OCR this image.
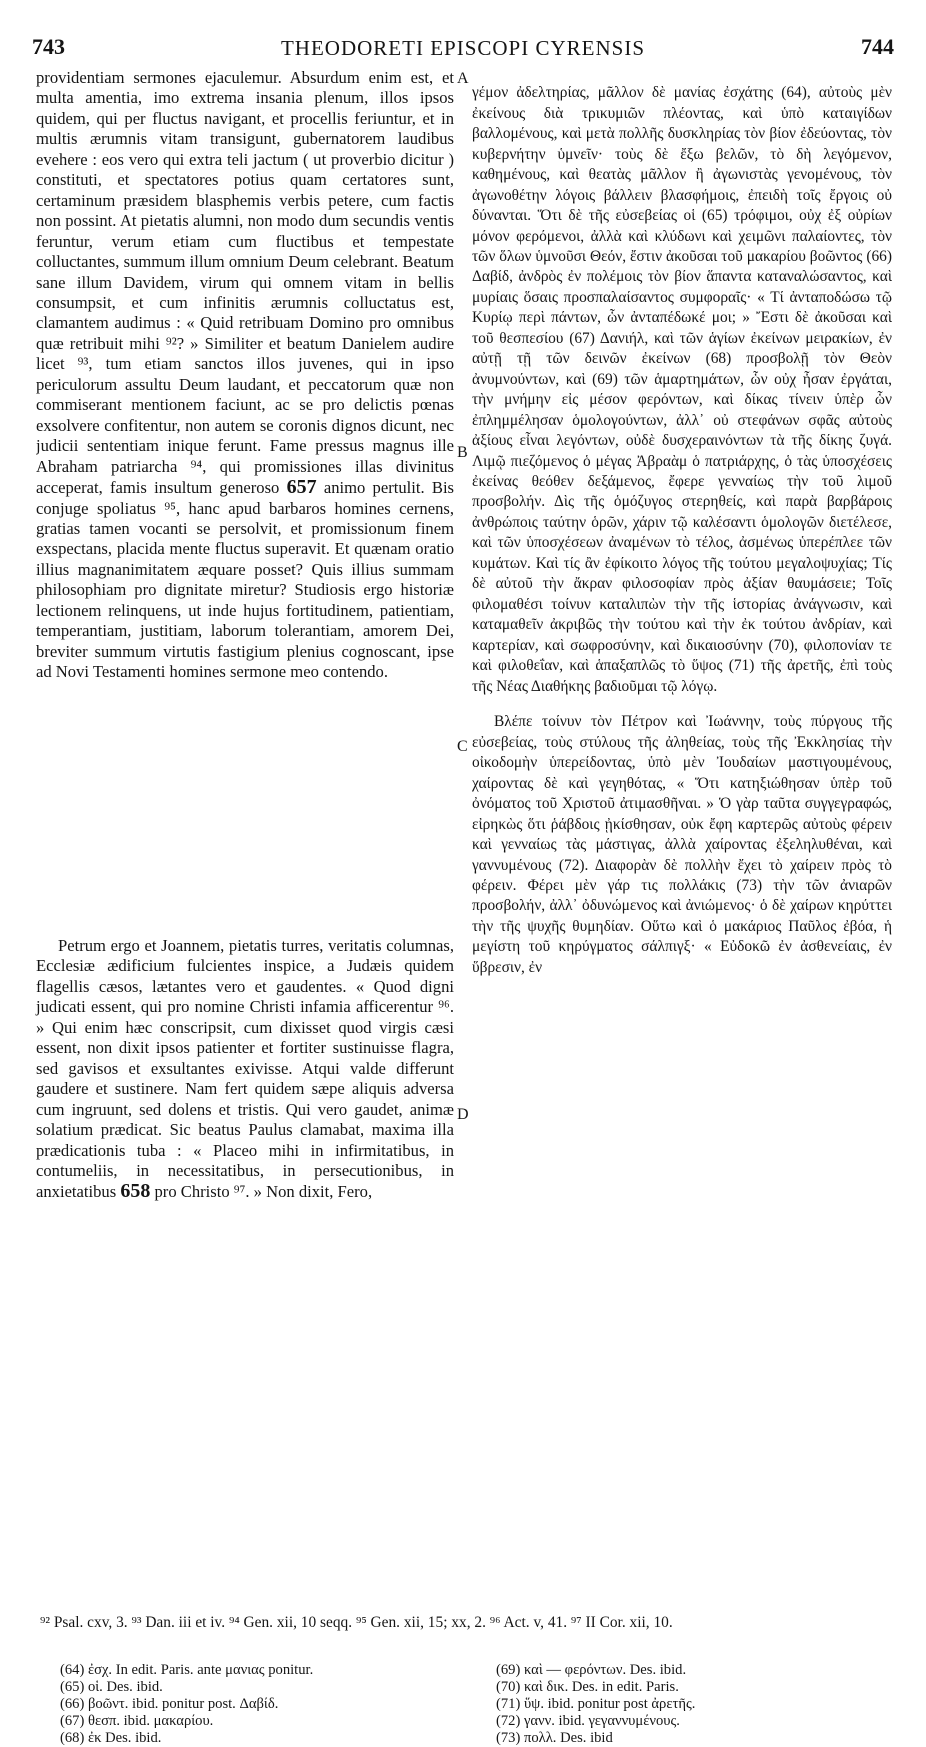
743	THEODORETI EPISCOPI CYRENSIS	744
providentiam sermones ejaculemur. Absurdum enim est, et multa amentia, imo extrema insania plenum, illos ipsos quidem, qui per fluctus navigant, et procellis feriuntur, et in multis ærumnis vitam transigunt, gubernatorem laudibus evehere : eos vero qui extra teli jactum ( ut proverbio dicitur ) constituti, et spectatores potius quam certatores sunt, certaminum præsidem blasphemis verbis petere, cum factis non possint. At pietatis alumni, non modo dum secundis ventis feruntur, verum etiam cum fluctibus et tempestate colluctantes, summum illum omnium Deum celebrant. Beatum sane illum Davidem, virum qui omnem vitam in bellis consumpsit, et cum infinitis ærumnis colluctatus est, clamantem audimus : « Quid retribuam Domino pro omnibus quæ retribuit mihi ⁹²? » Similiter et beatum Danielem audire licet ⁹³, tum etiam sanctos illos juvenes, qui in ipso periculorum assultu Deum laudant, et peccatorum quæ non commiserant mentionem faciunt, ac se pro delictis pœnas exsolvere confitentur, non autem se coronis dignos dicunt, nec judicii sententiam inique ferunt. Fame pressus magnus ille Abraham patriarcha ⁹⁴, qui promissiones illas divinitus acceperat, famis insultum generoso 657 animo pertulit. Bis conjuge spoliatus ⁹⁵, hanc apud barbaros homines cernens, gratias tamen vocanti se persolvit, et promissionum finem exspectans, placida mente fluctus superavit. Et quænam oratio illius magnanimitatem æquare posset? Quis illius summam philosophiam pro dignitate miretur? Studiosis ergo historiæ lectionem relinquens, ut inde hujus fortitudinem, patientiam, temperantiam, justitiam, laborum tolerantiam, amorem Dei, breviter summum virtutis fastigium plenius cognoscant, ipse ad Novi Testamenti homines sermone meo contendo.
Petrum ergo et Joannem, pietatis turres, veritatis columnas, Ecclesiæ ædificium fulcientes inspice, a Judæis quidem flagellis cæsos, lætantes vero et gaudentes. « Quod digni judicati essent, qui pro nomine Christi infamia afficerentur ⁹⁶. » Qui enim hæc conscripsit, cum dixisset quod virgis cæsi essent, non dixit ipsos patienter et fortiter sustinuisse flagra, sed gavisos et exsultantes exivisse. Atqui valde differunt gaudere et sustinere. Nam fert quidem sæpe aliquis adversa cum ingruunt, sed dolens et tristis. Qui vero gaudet, animæ solatium prædicat. Sic beatus Paulus clamabat, maxima illa prædicationis tuba : « Placeo mihi in infirmitatibus, in contumeliis, in necessitatibus, in persecutionibus, in anxietatibus 658 pro Christo ⁹⁷. » Non dixit, Fero,
A
B
C
D

γέμον ἀδελτηρίας, μᾶλλον δὲ μανίας ἐσχάτης (64), αὐτοὺς μὲν ἐκείνους διὰ τρικυμιῶν πλέοντας, καὶ ὑπὸ καταιγίδων βαλλομένους, καὶ μετὰ πολλῆς δυσκληρίας τὸν βίον ἐδεύοντας, τὸν κυβερνήτην ὑμνεῖν· τοὺς δὲ ἔξω βελῶν, τὸ δὴ λεγόμενον, καθημένους, καὶ θεατὰς μᾶλλον ἢ ἀγωνιστὰς γενομένους, τὸν ἀγωνοθέτην λόγοις βάλλειν βλασφήμοις, ἐπειδὴ τοῖς ἔργοις οὐ δύνανται. Ὅτι δὲ τῆς εὐσεβείας οἱ (65) τρόφιμοι, οὐχ ἐξ οὐρίων μόνον φερόμενοι, ἀλλὰ καὶ κλύδωνι καὶ χειμῶνι παλαίοντες, τὸν τῶν ὅλων ὑμνοῦσι Θεόν, ἔστιν ἀκοῦσαι τοῦ μακαρίου βοῶντος (66) Δαβίδ, ἀνδρὸς ἐν πολέμοις τὸν βίον ἅπαντα καταναλώσαντος, καὶ μυρίαις ὅσαις προσπαλαίσαντος συμφοραῖς· « Τί ἀνταποδώσω τῷ Κυρίῳ περὶ πάντων, ὧν ἀνταπέδωκέ μοι; » Ἔστι δὲ ἀκοῦσαι καὶ τοῦ θεσπεσίου (67) Δανιήλ, καὶ τῶν ἁγίων ἐκείνων μειρακίων, ἐν αὐτῇ τῇ τῶν δεινῶν ἐκείνων (68) προσβολῇ τὸν Θεὸν ἀνυμνούντων, καὶ (69) τῶν ἁμαρτημάτων, ὧν οὐχ ἦσαν ἐργάται, τὴν μνήμην εἰς μέσον φερόντων, καὶ δίκας τίνειν ὑπὲρ ὧν ἐπλημμέλησαν ὁμολογούντων, ἀλλ᾽ οὐ στεφάνων σφᾶς αὐτοὺς ἀξίους εἶναι λεγόντων, οὐδὲ δυσχεραινόντων τὰ τῆς δίκης ζυγά. Λιμῷ πιεζόμενος ὁ μέγας Ἀβραὰμ ὁ πατριάρχης, ὁ τὰς ὑποσχέσεις ἐκείνας θεόθεν δεξάμενος, ἔφερε γενναίως τὴν τοῦ λιμοῦ προσβολήν. Δὶς τῆς ὁμόζυγος στερηθείς, καὶ παρὰ βαρβάροις ἀνθρώποις ταύτην ὁρῶν, χάριν τῷ καλέσαντι ὁμολογῶν διετέλεσε, καὶ τῶν ὑποσχέσεων ἀναμένων τὸ τέλος, ἀσμένως ὑπερέπλεε τῶν κυμάτων. Καὶ τίς ἂν ἐφίκοιτο λόγος τῆς τούτου μεγαλοψυχίας; Τίς δὲ αὐτοῦ τὴν ἄκραν φιλοσοφίαν πρὸς ἀξίαν θαυμάσειε; Τοῖς φιλομαθέσι τοίνυν καταλιπὼν τὴν τῆς ἱστορίας ἀνάγνωσιν, καὶ καταμαθεῖν ἀκριβῶς τὴν τούτου καὶ τὴν ἐκ τούτου ἀνδρίαν, καὶ καρτερίαν, καὶ σωφροσύνην, καὶ δικαιοσύνην (70), φιλοπονίαν τε καὶ φιλοθεΐαν, καὶ ἁπαξαπλῶς τὸ ὕψος (71) τῆς ἀρετῆς, ἐπὶ τοὺς τῆς Νέας Διαθήκης βαδιοῦμαι τῷ λόγῳ.

Βλέπε τοίνυν τὸν Πέτρον καὶ Ἰωάννην, τοὺς πύργους τῆς εὐσεβείας, τοὺς στύλους τῆς ἀληθείας, τοὺς τῆς Ἐκκλησίας τὴν οἰκοδομὴν ὑπερείδοντας, ὑπὸ μὲν Ἰουδαίων μαστιγουμένους, χαίροντας δὲ καὶ γεγηθότας, « Ὅτι κατηξιώθησαν ὑπὲρ τοῦ ὀνόματος τοῦ Χριστοῦ ἀτιμασθῆναι. » Ὁ γὰρ ταῦτα συγγεγραφώς, εἰρηκὼς ὅτι ῥάβδοις ᾐκίσθησαν, οὐκ ἔφη καρτερῶς αὐτοὺς φέρειν καὶ γενναίως τὰς μάστιγας, ἀλλὰ χαίροντας ἐξεληλυθέναι, καὶ γαννυμένους (72). Διαφορὰν δὲ πολλὴν ἔχει τὸ χαίρειν πρὸς τὸ φέρειν. Φέρει μὲν γάρ τις πολλάκις (73) τὴν τῶν ἀνιαρῶν προσβολήν, ἀλλ᾽ ὀδυνώμενος καὶ ἀνιώμενος· ὁ δὲ χαίρων κηρύττει τὴν τῆς ψυχῆς θυμηδίαν. Οὕτω καὶ ὁ μακάριος Παῦλος ἐβόα, ἡ μεγίστη τοῦ κηρύγματος σάλπιγξ· « Εὐδοκῶ ἐν ἀσθενείαις, ἐν ὕβρεσιν, ἐν

⁹² Psal. cxv, 3. ⁹³ Dan. iii et iv. ⁹⁴ Gen. xii, 10 seqq. ⁹⁵ Gen. xii, 15; xx, 2. ⁹⁶ Act. v, 41. ⁹⁷ II Cor. xii, 10.
(64) ἐσχ. In edit. Paris. ante μανιας ponitur.
(65) οἱ. Des. ibid.
(66) βοῶντ. ibid. ponitur post. Δαβίδ.
(67) θεσπ. ibid. μακαρίου.
(68) ἐκ Des. ibid.
(69) καὶ — φερόντων. Des. ibid.
(70) καὶ δικ. Des. in edit. Paris.
(71) ὕψ. ibid. ponitur post ἀρετῆς.
(72) γανν. ibid. γεγαννυμένους.
(73) πολλ. Des. ibid
